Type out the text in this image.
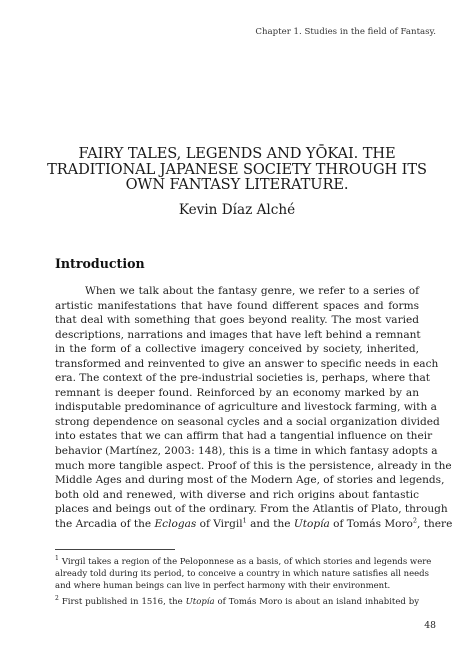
Chapter 1. Studies in the field of Fantasy.
FAIRY TALES, LEGENDS AND YŌKAI. THE
TRADITIONAL JAPANESE SOCIETY THROUGH ITS
OWN FANTASY LITERATURE.
Kevin Díaz Alché
Introduction
When we talk about the fantasy genre, we refer to a series of
artistic manifestations that have found different spaces and forms
that deal with something that goes beyond reality. The most varied
descriptions, narrations and images that have left behind a remnant
in the form of a collective imagery conceived by society, inherited,
transformed and reinvented to give an answer to specific needs in each
era. The context of the pre-industrial societies is, perhaps, where that
remnant is deeper found. Reinforced by an economy marked by an
indisputable predominance of agriculture and livestock farming, with a
strong dependence on seasonal cycles and a social organization divided
into estates that we can affirm that had a tangential influence on their
behavior (Martínez, 2003: 148), this is a time in which fantasy adopts a
much more tangible aspect. Proof of this is the persistence, already in the
Middle Ages and during most of the Modern Age, of stories and legends,
both old and renewed, with diverse and rich origins about fantastic
places and beings out of the ordinary. From the Atlantis of Plato, through
the Arcadia of the Eclogas of Virgil$^1$ and the Utopía of Tomás Moro$^2$, there
$^1$ Virgil takes a region of the Peloponnese as a basis, of which stories and legends were
already told during its period, to conceive a country in which nature satisfies all needs
and where human beings can live in perfect harmony with their environment.
$^2$ First published in 1516, the Utopía of Tomás Moro is about an island inhabited by
48
